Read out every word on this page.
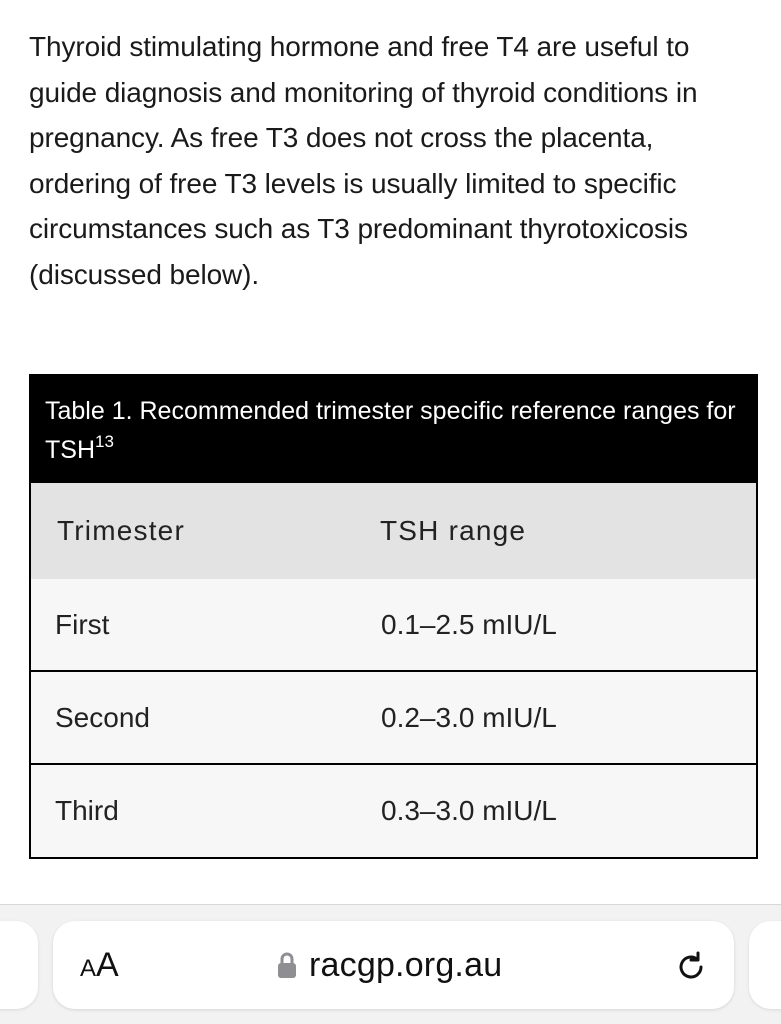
Thyroid stimulating hormone and free T4 are useful to guide diagnosis and monitoring of thyroid conditions in pregnancy. As free T3 does not cross the placenta, ordering of free T3 levels is usually limited to specific circumstances such as T3 predominant thyrotoxicosis (discussed below).

Table 1. Recommended trimester specific reference ranges for TSH$^{13}$
Trimester	TSH range
First	0.1–2.5 mIU/L
Second	0.2–3.0 mIU/L
Third	0.3–3.0 mIU/L
AA	racgp.org.au
